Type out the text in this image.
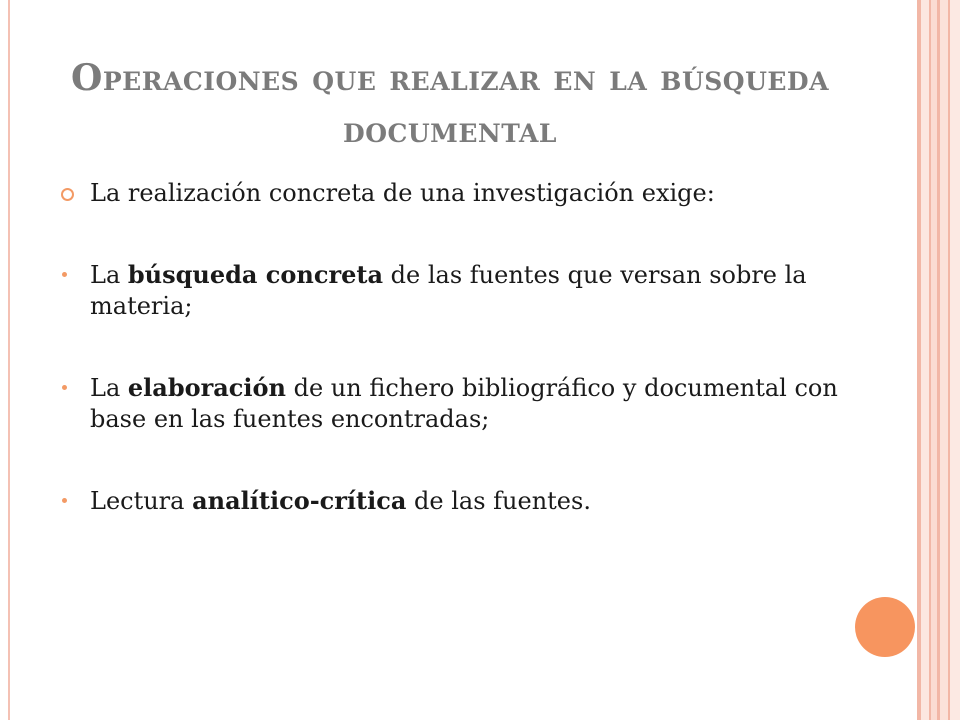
Operaciones que realizar en la búsqueda documental
La realización concreta de una investigación exige:
La búsqueda concreta de las fuentes que versan sobre la materia;
La elaboración de un fichero bibliográfico y documental con base en las fuentes encontradas;
Lectura analítico-crítica de las fuentes.
